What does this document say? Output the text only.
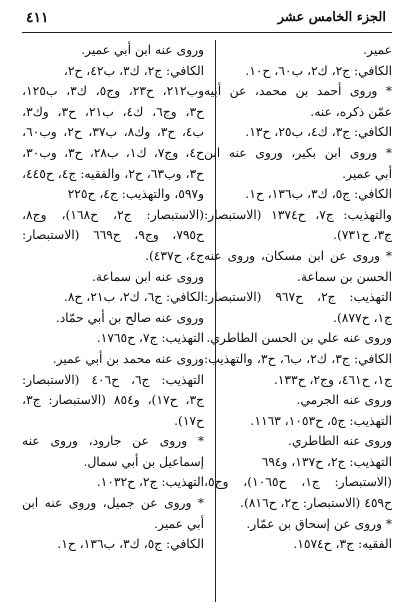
٤١١	الجزء الخامس عشر
عمير.
الكافي: ج٢، ك٢، ب٦٠، ح١٠.
* وروى أحمد بن محمد، عن أبيه
عمّن ذكره، عنه.
الكافي: ج٣، ك٤، ب٢٥، ح١٣.
* وروى ابن بكير، وروى عنه ابن
أبي عمير.
الكافي: ج٥، ك٣، ب١٣٦، ح١.
والتهذيب: ج٧، ح١٣٧٤ (الاستبصار:
ج٣، ح٧٣١).
* وروى عن ابن مسكان، وروى عنه
الحسن بن سماعة.
التهذيب: ج٢، ح٩٦٧ (الاستبصار:
ج١، ح٨٧٧).
وروى عنه علي بن الحسن الطاطري.
الكافي: ج٣، ك٢، ب٦، ح٣، والتهذيب:
ج١، ح٤٦١، وج٢، ح١٣٣.
وروى عنه الجرمي.
التهذيب: ج٥، ح١٠٥٣، ١١٦٣.
وروى عنه الطاطري.
التهذيب: ج٢، ح١٣٧، و٦٩٤
(الاستبصار: ج١، ح١٠٦٥)، وج٥،
ح٤٥٩ (الاستبصار: ج٢، ح٨١٦).
* وروى عن إسحاق بن عمّار.
الفقيه: ج٣، ح١٥٧٤.
وروى عنه ابن أبي عمير.
الكافي: ج٢، ك٣، ب٤٢، ح٢،
وب٢١٢، ح٢٣، وج٥، ك٣، ب١٢٥،
ح٣، وج٦، ك٤، ب٢١، ح٣، وك٣،
ب٤، ح٣، وك٨، ب٣٧، ح٢، وب٦٠،
ح٤، وج٧، ك١، ب٢٨، ح٣، وب٣٠،
ح٣، وب٦٣، ح٢، والفقيه: ج٤، ح٤٤٥،
و٥٩٧، والتهذيب: ج٤، ح٢٢٥
(الاستبصار: ج٢، ح١٦٨)، وج٨،
ح٧٩٥، وج٩، ح٦٦٩ (الاستبصار:
ج٤، ح٤٣٧).
وروى عنه ابن سماعة.
الكافي: ج٦، ك٢، ب٢١، ح٨.
وروى عنه صالح بن أبي حمّاد.
التهذيب: ج٧، ح١٧٦٥.
وروى عنه محمد بن أبي عمير.
التهذيب: ج٦، ح٤٠٦ (الاستبصار:
ج٣، ح١٧)، و٨٥٤ (الاستبصار: ج٣،
ح١٧).
* وروى عن جارود، وروى عنه
إسماعيل بن أبي سمال.
التهذيب: ج٢، ح١٠٣٢.
* وروى عن جميل، وروى عنه ابن
أبي عمير.
الكافي: ج٥، ك٣، ب١٣٦، ح١.
